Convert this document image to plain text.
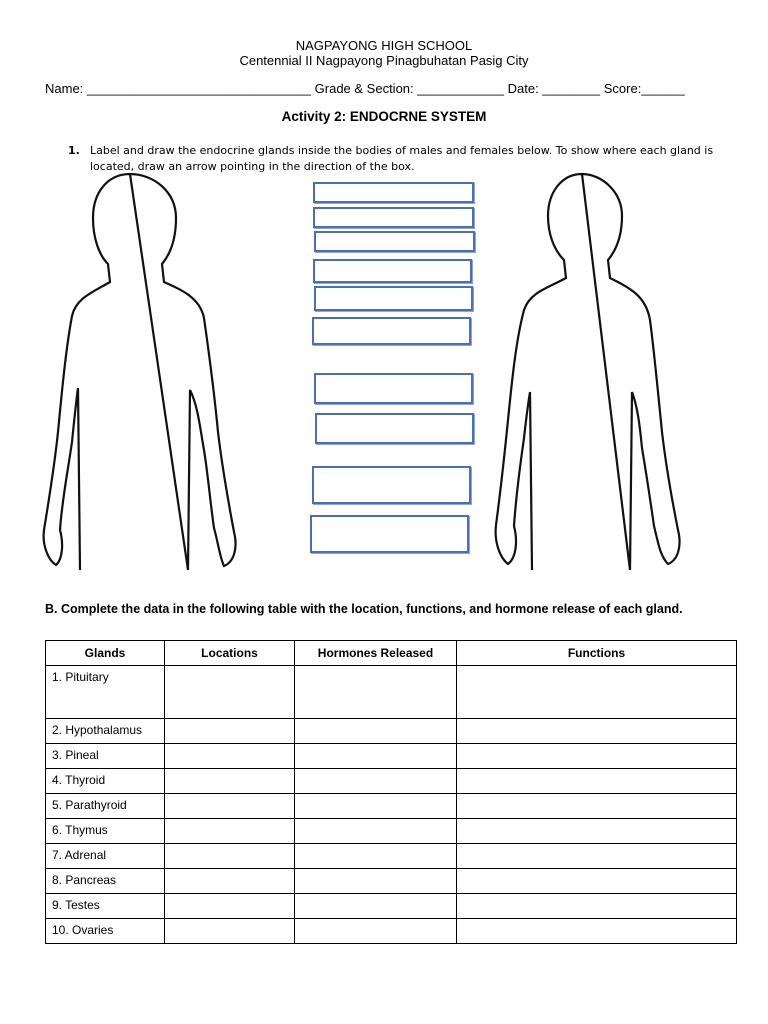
NAGPAYONG HIGH SCHOOL
Centennial II Nagpayong Pinagbuhatan Pasig City
Name: _______________________________ Grade & Section: ____________ Date: ________ Score:______
Activity 2: ENDOCRNE SYSTEM
1. Label and draw the endocrine glands inside the bodies of males and females below. To show where each gland is located, draw an arrow pointing in the direction of the box.
B. Complete the data in the following table with the location, functions, and hormone release of each gland.
Glands	Locations	Hormones Released	Functions
1. Pituitary			
2. Hypothalamus			
3. Pineal			
4. Thyroid			
5. Parathyroid			
6. Thymus			
7. Adrenal			
8. Pancreas			
9. Testes			
10. Ovaries			
